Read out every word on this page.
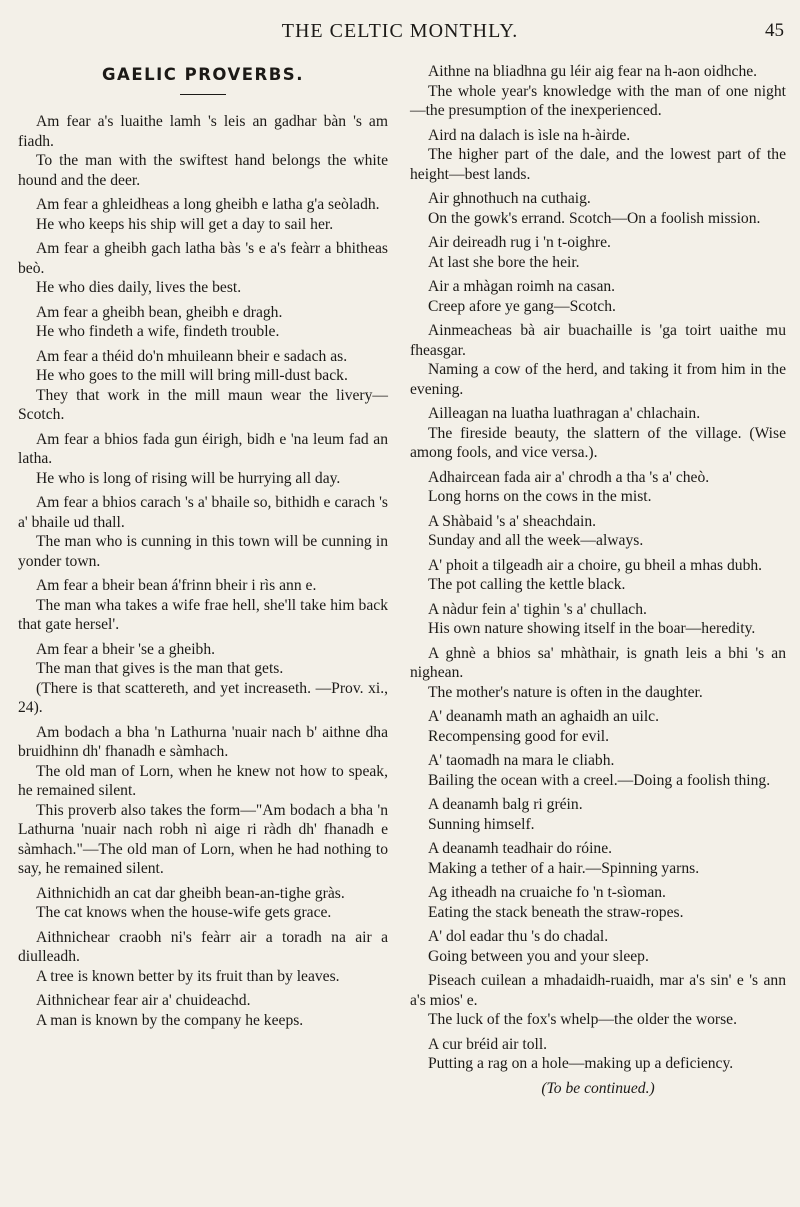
THE CELTIC MONTHLY.	45
GAELIC PROVERBS.

Am fear a's luaithe lamh 's leis an gadhar bàn 's am fiadh.

To the man with the swiftest hand belongs the white hound and the deer.

Am fear a ghleidheas a long gheibh e latha g'a seòladh.

He who keeps his ship will get a day to sail her.

Am fear a gheibh gach latha bàs 's e a's feàrr a bhitheas beò.

He who dies daily, lives the best.

Am fear a gheibh bean, gheibh e dragh.

He who findeth a wife, findeth trouble.

Am fear a théid do'n mhuileann bheir e sadach as.

He who goes to the mill will bring mill-dust back.

They that work in the mill maun wear the livery—Scotch.

Am fear a bhios fada gun éirigh, bidh e 'na leum fad an latha.

He who is long of rising will be hurrying all day.

Am fear a bhios carach 's a' bhaile so, bithidh e carach 's a' bhaile ud thall.

The man who is cunning in this town will be cunning in yonder town.

Am fear a bheir bean á'frinn bheir i rìs ann e.

The man wha takes a wife frae hell, she'll take him back that gate hersel'.

Am fear a bheir 'se a gheibh.

The man that gives is the man that gets.

(There is that scattereth, and yet increaseth. —Prov. xi., 24).

Am bodach a bha 'n Lathurna 'nuair nach b' aithne dha bruidhinn dh' fhanadh e sàmhach.

The old man of Lorn, when he knew not how to speak, he remained silent.

This proverb also takes the form—"Am bodach a bha 'n Lathurna 'nuair nach robh nì aige ri ràdh dh' fhanadh e sàmhach."—The old man of Lorn, when he had nothing to say, he remained silent.

Aithnichidh an cat dar gheibh bean-an-tighe gràs.

The cat knows when the house-wife gets grace.

Aithnichear craobh ni's feàrr air a toradh na air a diulleadh.

A tree is known better by its fruit than by leaves.

Aithnichear fear air a' chuideachd.

A man is known by the company he keeps.

Aithne na bliadhna gu léir aig fear na h-aon oidhche.

The whole year's knowledge with the man of one night—the presumption of the inexperienced.

Aird na dalach is ìsle na h-àirde.

The higher part of the dale, and the lowest part of the height—best lands.

Air ghnothuch na cuthaig.

On the gowk's errand. Scotch—On a foolish mission.

Air deireadh rug i 'n t-oighre.

At last she bore the heir.

Air a mhàgan roimh na casan.

Creep afore ye gang—Scotch.

Ainmeacheas bà air buachaille is 'ga toirt uaithe mu fheasgar.

Naming a cow of the herd, and taking it from him in the evening.

Ailleagan na luatha luathragan a' chlachain.

The fireside beauty, the slattern of the village. (Wise among fools, and vice versa.).

Adhaircean fada air a' chrodh a tha 's a' cheò.

Long horns on the cows in the mist.

A Shàbaid 's a' sheachdain.

Sunday and all the week—always.

A' phoit a tilgeadh air a choire, gu bheil a mhas dubh.

The pot calling the kettle black.

A nàdur fein a' tighin 's a' chullach.

His own nature showing itself in the boar—heredity.

A ghnè a bhios sa' mhàthair, is gnath leis a bhi 's an nighean.

The mother's nature is often in the daughter.

A' deanamh math an aghaidh an uilc.

Recompensing good for evil.

A' taomadh na mara le cliabh.

Bailing the ocean with a creel.—Doing a foolish thing.

A deanamh balg ri gréin.

Sunning himself.

A deanamh teadhair do róine.

Making a tether of a hair.—Spinning yarns.

Ag itheadh na cruaiche fo 'n t-sìoman.

Eating the stack beneath the straw-ropes.

A' dol eadar thu 's do chadal.

Going between you and your sleep.

Piseach cuilean a mhadaidh-ruaidh, mar a's sin' e 's ann a's mios' e.

The luck of the fox's whelp—the older the worse.

A cur bréid air toll.

Putting a rag on a hole—making up a deficiency.

(To be continued.)
